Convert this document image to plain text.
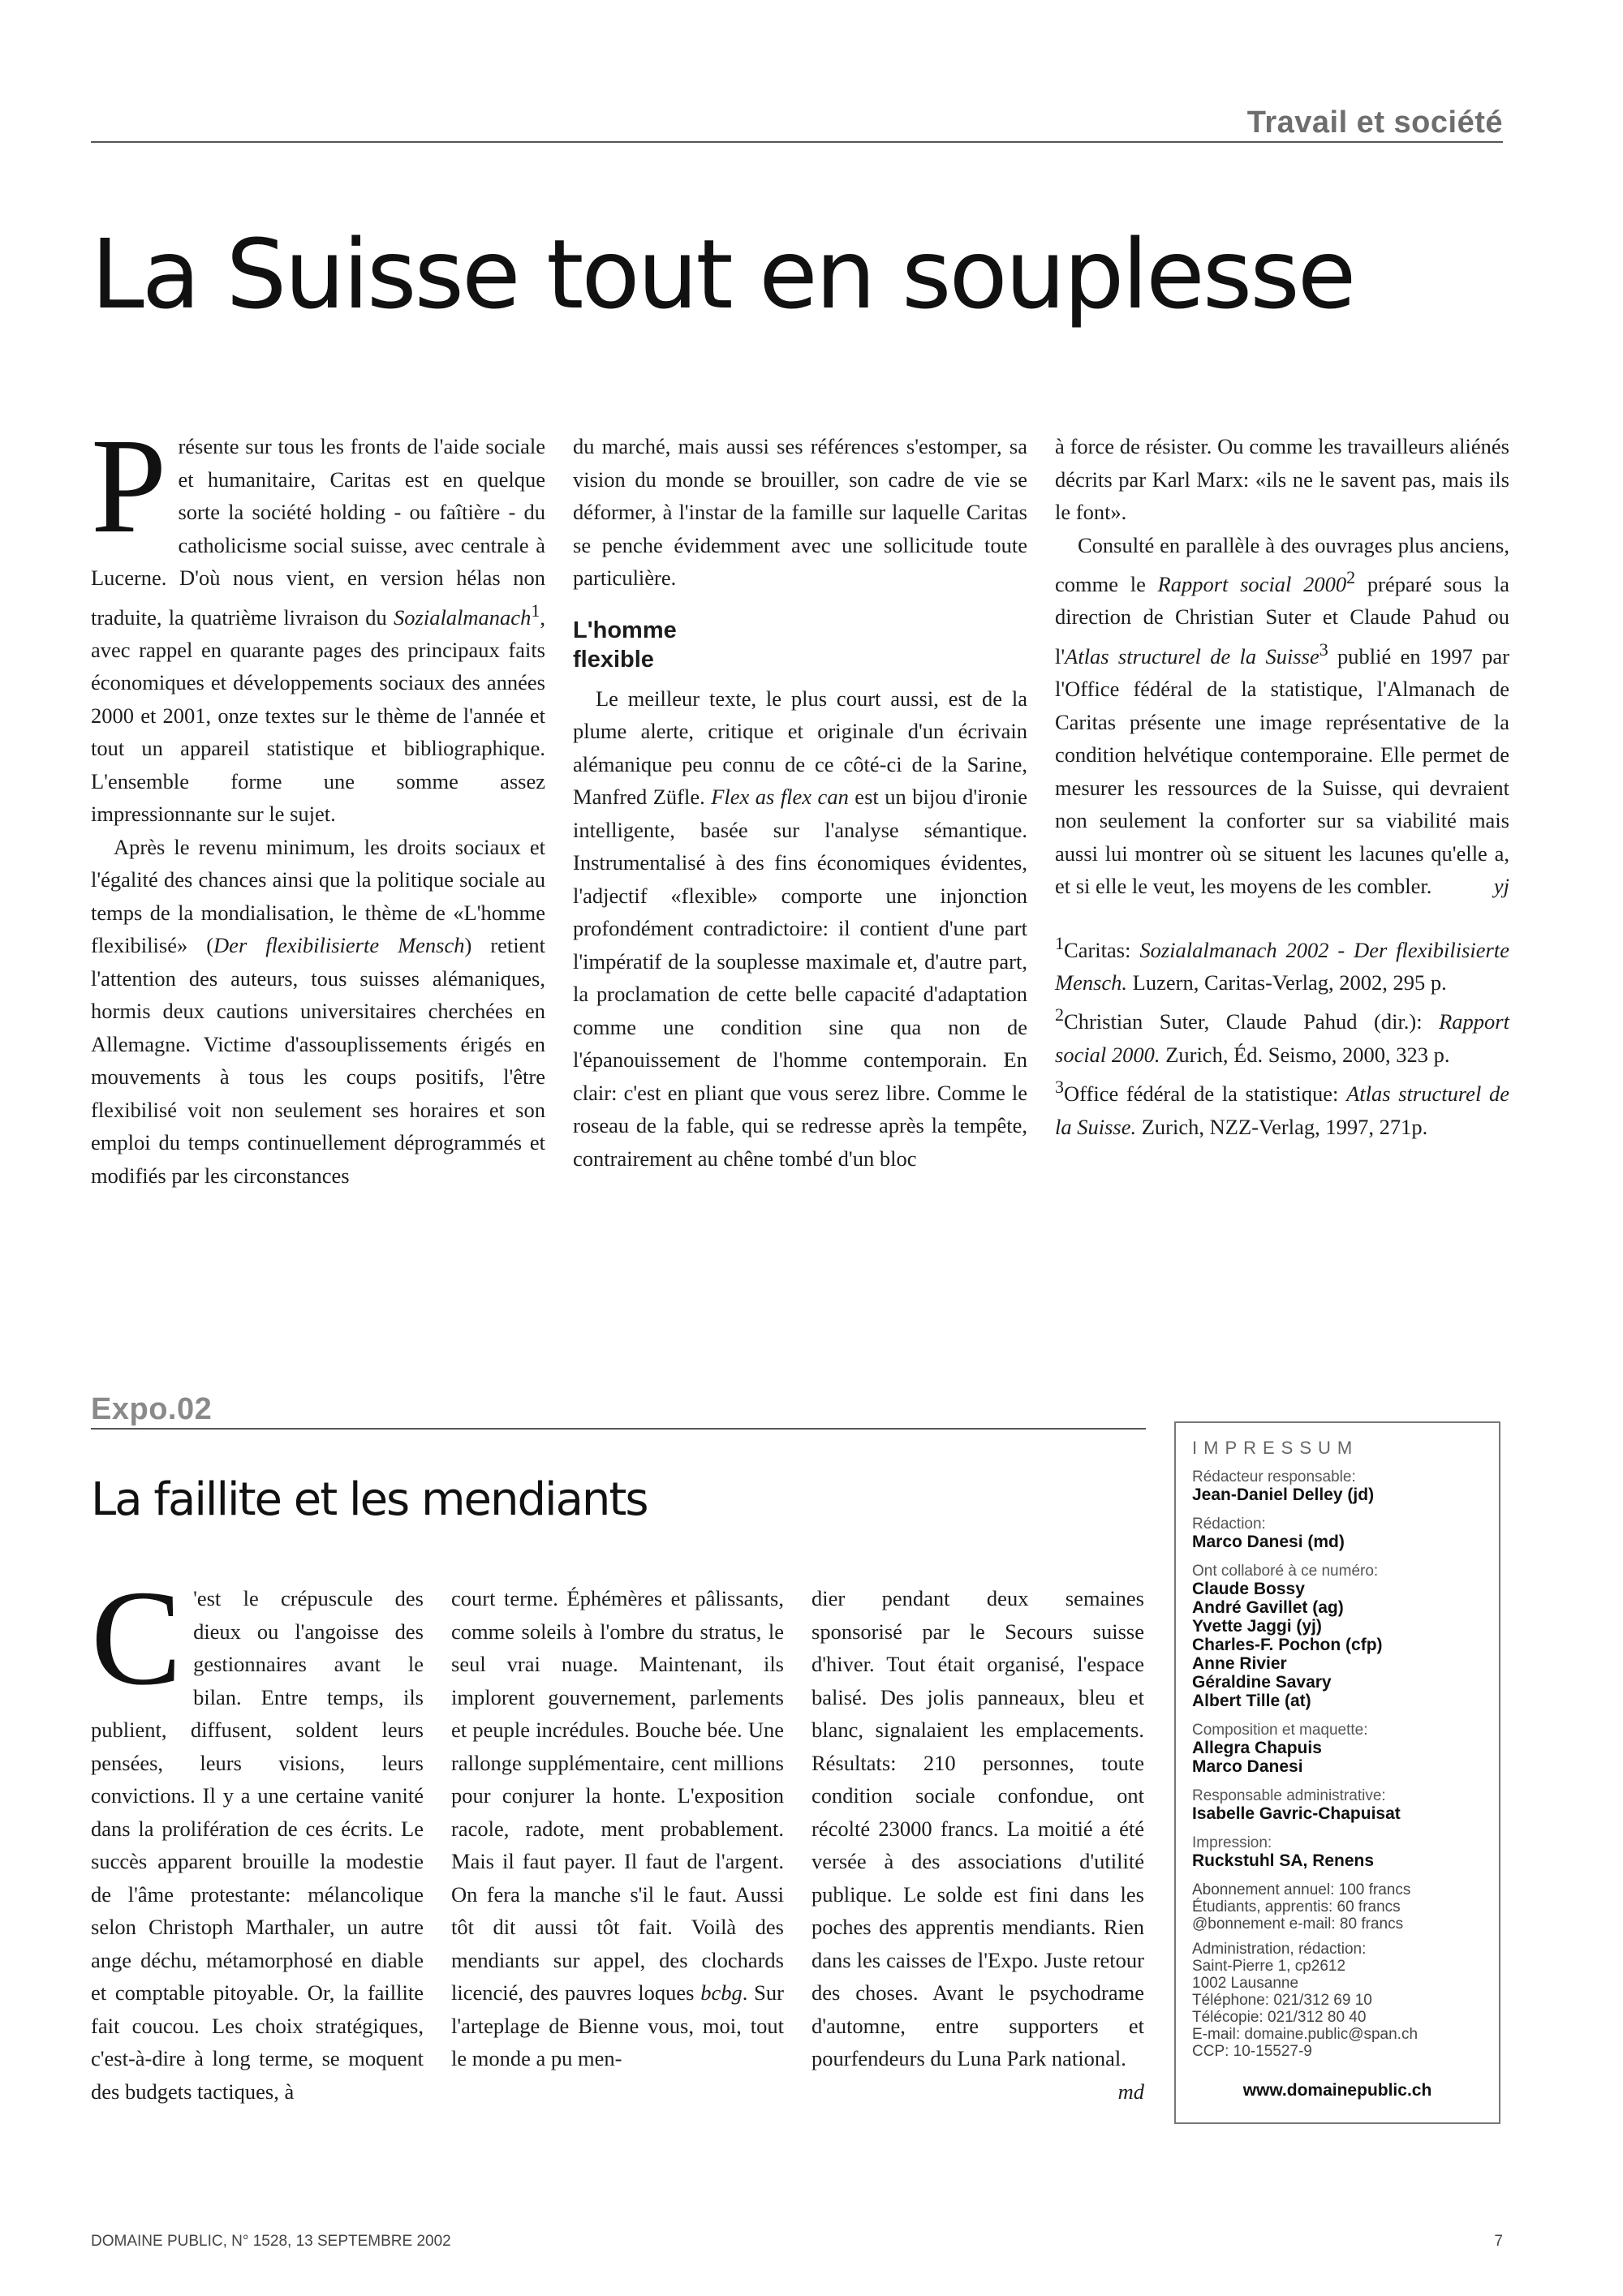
Travail et société
La Suisse tout en souplesse

Présente sur tous les fronts de l'aide sociale et humanitaire, Caritas est en quelque sorte la société holding - ou faîtière - du catholicisme social suisse, avec centrale à Lucerne. D'où nous vient, en version hélas non traduite, la quatrième livraison du Sozialalmanach$^1$, avec rappel en quarante pages des principaux faits économiques et développements sociaux des années 2000 et 2001, onze textes sur le thème de l'année et tout un appareil statistique et bibliographique. L'ensemble forme une somme assez impressionnante sur le sujet.

Après le revenu minimum, les droits sociaux et l'égalité des chances ainsi que la politique sociale au temps de la mondialisation, le thème de «L'homme flexibilisé» (Der flexibilisierte Mensch) retient l'attention des auteurs, tous suisses alémaniques, hormis deux cautions universitaires cherchées en Allemagne. Victime d'assouplissements érigés en mouvements à tous les coups positifs, l'être flexibilisé voit non seulement ses horaires et son emploi du temps continuellement déprogrammés et modifiés par les circonstances

du marché, mais aussi ses références s'estomper, sa vision du monde se brouiller, son cadre de vie se déformer, à l'instar de la famille sur laquelle Caritas se penche évidemment avec une sollicitude toute particulière.

L'homme
flexible

Le meilleur texte, le plus court aussi, est de la plume alerte, critique et originale d'un écrivain alémanique peu connu de ce côté-ci de la Sarine, Manfred Züfle. Flex as flex can est un bijou d'ironie intelligente, basée sur l'analyse sémantique. Instrumentalisé à des fins économiques évidentes, l'adjectif «flexible» comporte une injonction profondément contradictoire: il contient d'une part l'impératif de la souplesse maximale et, d'autre part, la proclamation de cette belle capacité d'adaptation comme une condition sine qua non de l'épanouissement de l'homme contemporain. En clair: c'est en pliant que vous serez libre. Comme le roseau de la fable, qui se redresse après la tempête, contrairement au chêne tombé d'un bloc

à force de résister. Ou comme les travailleurs aliénés décrits par Karl Marx: «ils ne le savent pas, mais ils le font».

Consulté en parallèle à des ouvrages plus anciens, comme le Rapport social 2000$^2$ préparé sous la direction de Christian Suter et Claude Pahud ou l'Atlas structurel de la Suisse$^3$ publié en 1997 par l'Office fédéral de la statistique, l'Almanach de Caritas présente une image représentative de la condition helvétique contemporaine. Elle permet de mesurer les ressources de la Suisse, qui devraient non seulement la conforter sur sa viabilité mais aussi lui montrer où se situent les lacunes qu'elle a, et si elle le veut, les moyens de les combler.	yj

$^1$Caritas: Sozialalmanach 2002 - Der flexibilisierte Mensch. Luzern, Caritas-Verlag, 2002, 295 p.

$^2$Christian Suter, Claude Pahud (dir.): Rapport social 2000. Zurich, Éd. Seismo, 2000, 323 p.

$^3$Office fédéral de la statistique: Atlas structurel de la Suisse. Zurich, NZZ-Verlag, 1997, 271p.

Expo.02
La faillite et les mendiants

C 'est le crépuscule des dieux ou l'angoisse des gestionnaires avant le bilan. Entre temps, ils publient, diffusent, soldent leurs pensées, leurs visions, leurs convictions. Il y a une certaine vanité dans la prolifération de ces écrits. Le succès apparent brouille la modestie de l'âme protestante: mélancolique selon Christoph Marthaler, un autre ange déchu, métamorphosé en diable et comptable pitoyable. Or, la faillite fait coucou. Les choix stratégiques, c'est-à-dire à long terme, se moquent des budgets tactiques, à

court terme. Éphémères et pâlissants, comme soleils à l'ombre du stratus, le seul vrai nuage. Maintenant, ils implorent gouvernement, parlements et peuple incrédules. Bouche bée. Une rallonge supplémentaire, cent millions pour conjurer la honte. L'exposition racole, radote, ment probablement. Mais il faut payer. Il faut de l'argent. On fera la manche s'il le faut. Aussi tôt dit aussi tôt fait. Voilà des mendiants sur appel, des clochards licencié, des pauvres loques bcbg. Sur l'arteplage de Bienne vous, moi, tout le monde a pu men-

dier pendant deux semaines sponsorisé par le Secours suisse d'hiver. Tout était organisé, l'espace balisé. Des jolis panneaux, bleu et blanc, signalaient les emplacements. Résultats: 210 personnes, toute condition sociale confondue, ont récolté 23000 francs. La moitié a été versée à des associations d'utilité publique. Le solde est fini dans les poches des apprentis mendiants. Rien dans les caisses de l'Expo. Juste retour des choses. Avant le psychodrame d'automne, entre supporters et pourfendeurs du Luna Park national.
md

IMPRESSUM
Rédacteur responsable:
Jean-Daniel Delley (jd)
Rédaction:
Marco Danesi (md)
Ont collaboré à ce numéro:
Claude Bossy
André Gavillet (ag)
Yvette Jaggi (yj)
Charles-F. Pochon (cfp)
Anne Rivier
Géraldine Savary
Albert Tille (at)
Composition et maquette:
Allegra Chapuis
Marco Danesi
Responsable administrative:
Isabelle Gavric-Chapuisat
Impression:
Ruckstuhl SA, Renens
Abonnement annuel: 100 francs
Étudiants, apprentis: 60 francs
@bonnement e-mail: 80 francs
Administration, rédaction:
Saint-Pierre 1, cp2612
1002 Lausanne
Téléphone: 021/312 69 10
Télécopie: 021/312 80 40
E-mail: domaine.public@span.ch
CCP: 10-15527-9
www.domainepublic.ch
DOMAINE PUBLIC, N° 1528, 13 SEPTEMBRE 2002	7
